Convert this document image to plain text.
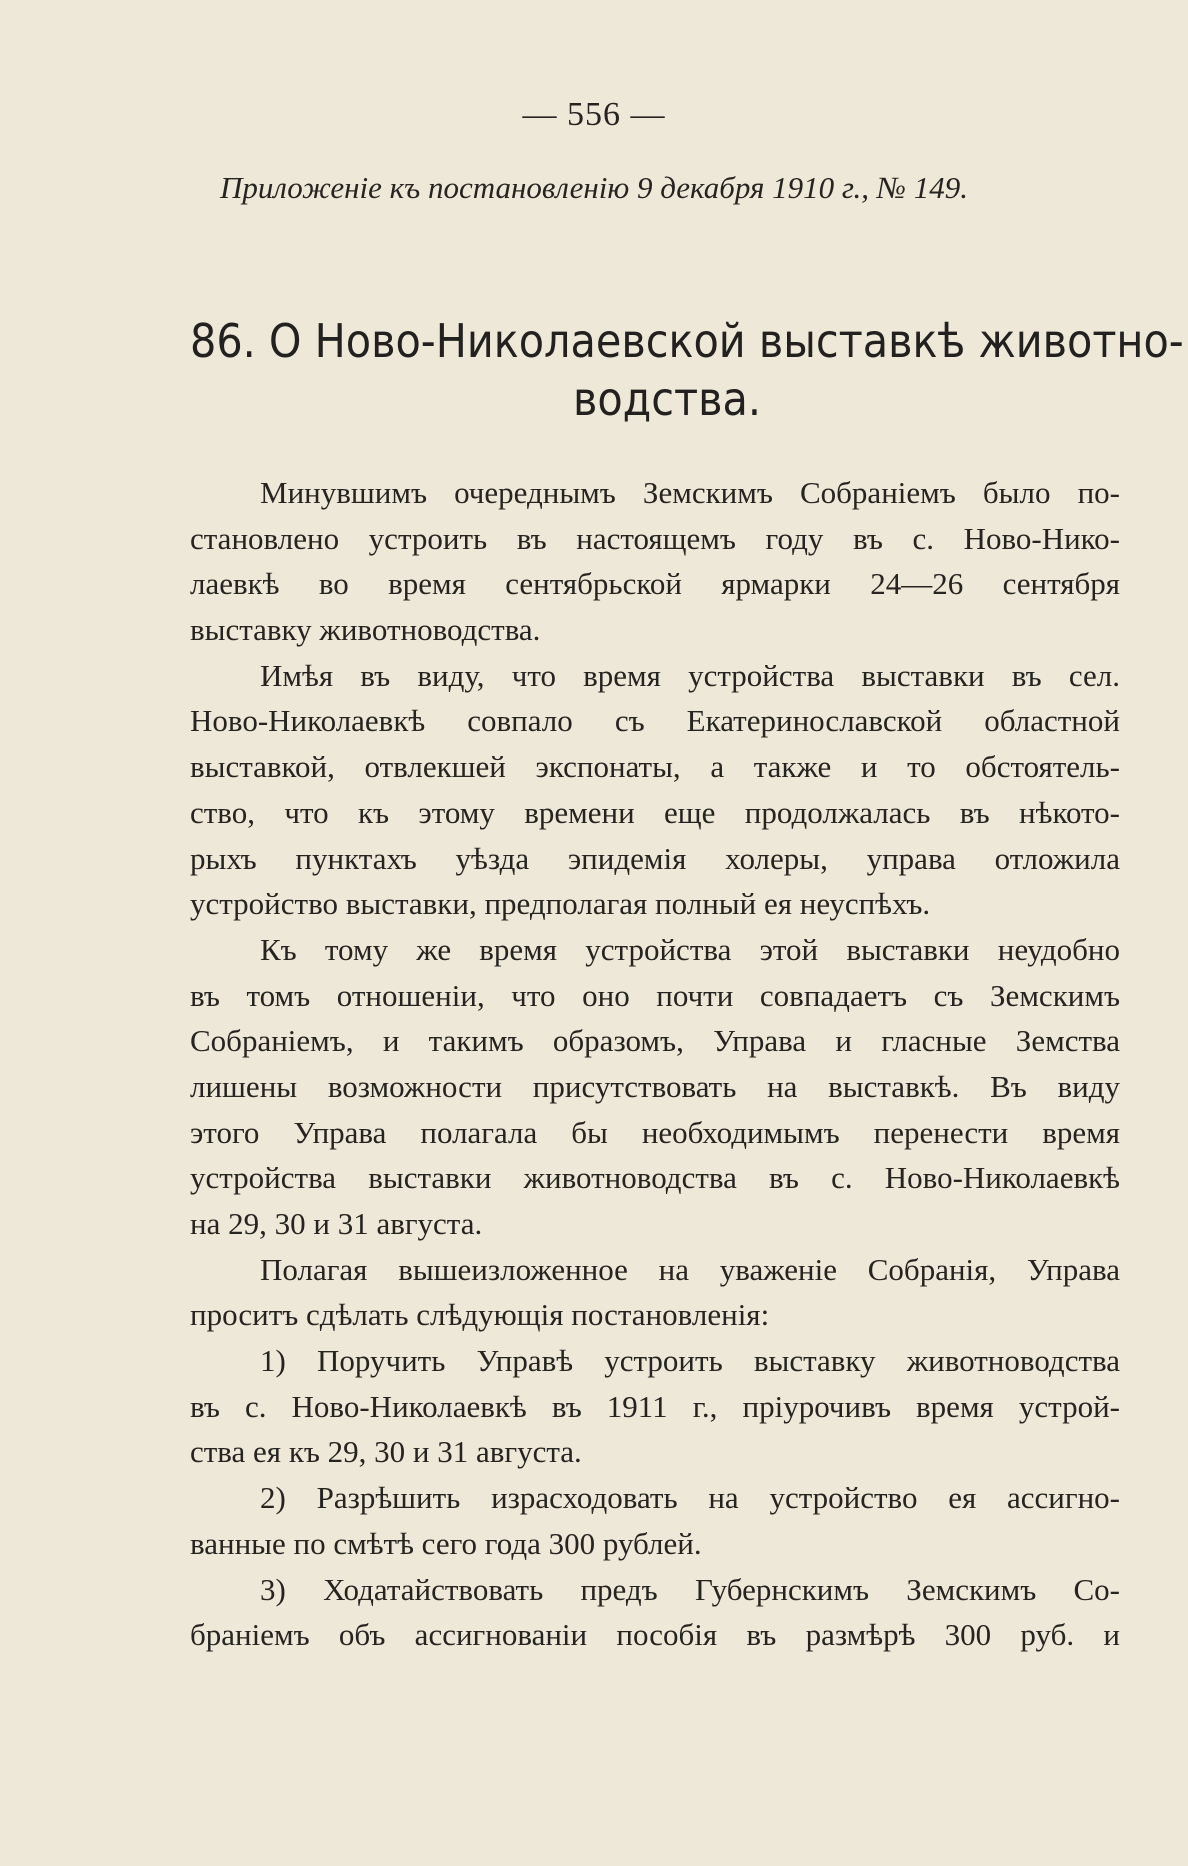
— 556 —
Приложеніе къ постановленію 9 декабря 1910 г., № 149.
86. О Ново-Николаевской выставкѣ животно-
водства.
Минувшимъ очереднымъ Земскимъ Собраніемъ было по-
становлено устроить въ настоящемъ году въ с. Ново-Нико-
лаевкѣ во время сентябрьской ярмарки 24—26 сентября
выставку животноводства.
Имѣя въ виду, что время устройства выставки въ сел.
Ново-Николаевкѣ совпало съ Екатеринославской областной
выставкой, отвлекшей экспонаты, а также и то обстоятель-
ство, что къ этому времени еще продолжалась въ нѣкото-
рыхъ пунктахъ уѣзда эпидемія холеры, управа отложила
устройство выставки, предполагая полный ея неуспѣхъ.
Къ тому же время устройства этой выставки неудобно
въ томъ отношеніи, что оно почти совпадаетъ съ Земскимъ
Собраніемъ, и такимъ образомъ, Управа и гласные Земства
лишены возможности присутствовать на выставкѣ. Въ виду
этого Управа полагала бы необходимымъ перенести время
устройства выставки животноводства въ с. Ново-Николаевкѣ
на 29, 30 и 31 августа.
Полагая вышеизложенное на уваженіе Собранія, Управа
проситъ сдѣлать слѣдующія постановленія:
1) Поручить Управѣ устроить выставку животноводства
въ с. Ново-Николаевкѣ въ 1911 г., пріурочивъ время устрой-
ства ея къ 29, 30 и 31 августа.
2) Разрѣшить израсходовать на устройство ея ассигно-
ванные по смѣтѣ сего года 300 рублей.
3) Ходатайствовать предъ Губернскимъ Земскимъ Со-
браніемъ объ ассигнованіи пособія въ размѣрѣ 300 руб. и
